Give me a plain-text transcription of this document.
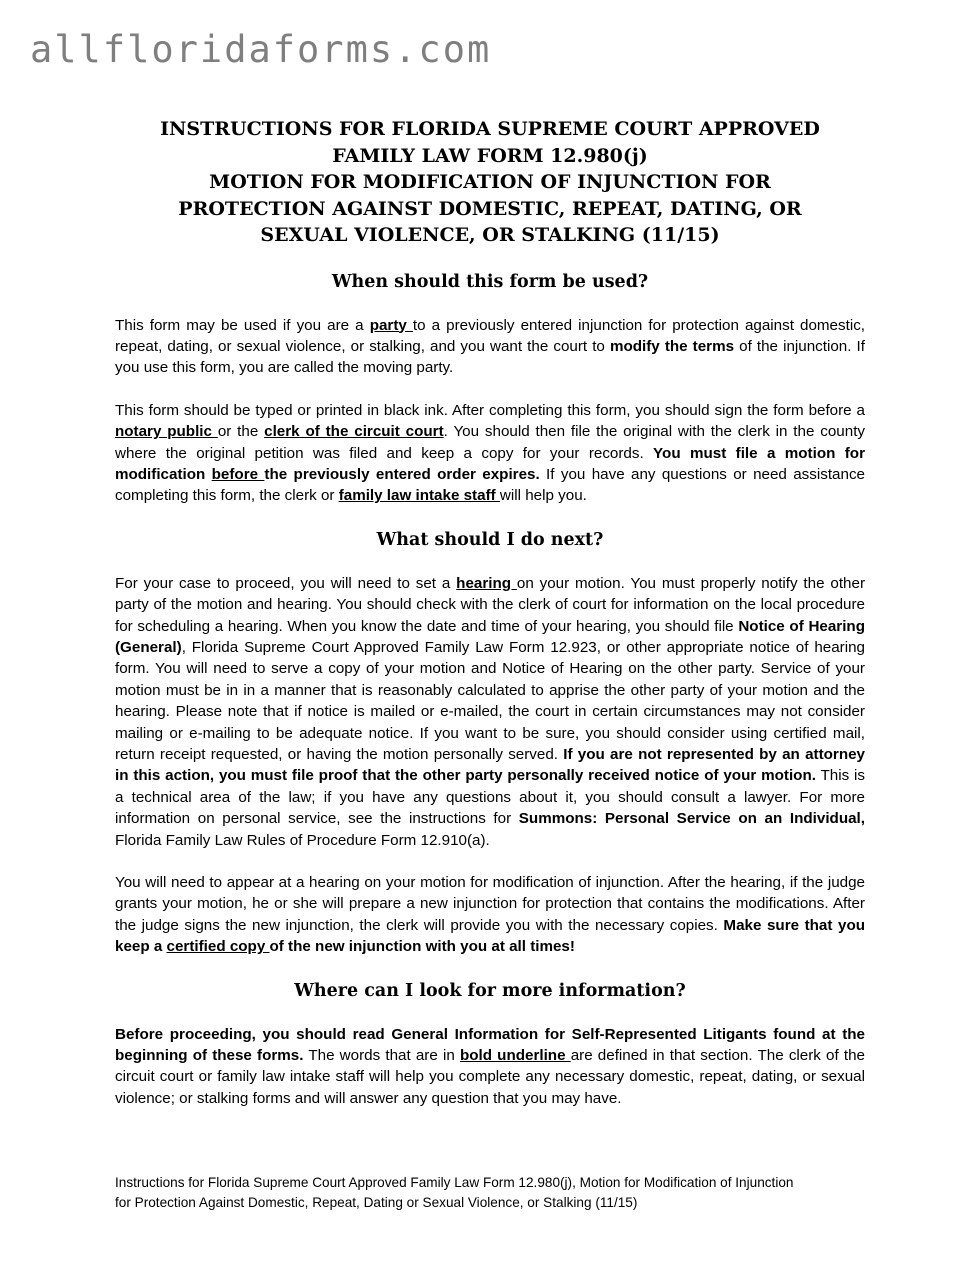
allfloridaforms.com
INSTRUCTIONS FOR FLORIDA SUPREME COURT APPROVED FAMILY LAW FORM 12.980(j)
MOTION FOR MODIFICATION OF INJUNCTION FOR PROTECTION AGAINST DOMESTIC, REPEAT, DATING, OR SEXUAL VIOLENCE, OR STALKING (11/15)
When should this form be used?

This form may be used if you are a party to a previously entered injunction for protection against domestic, repeat, dating, or sexual violence, or stalking, and you want the court to modify the terms of the injunction. If you use this form, you are called the moving party.

This form should be typed or printed in black ink. After completing this form, you should sign the form before a notary public or the clerk of the circuit court. You should then file the original with the clerk in the county where the original petition was filed and keep a copy for your records. You must file a motion for modification before the previously entered order expires. If you have any questions or need assistance completing this form, the clerk or family law intake staff will help you.

What should I do next?

For your case to proceed, you will need to set a hearing on your motion. You must properly notify the other party of the motion and hearing. You should check with the clerk of court for information on the local procedure for scheduling a hearing. When you know the date and time of your hearing, you should file Notice of Hearing (General), Florida Supreme Court Approved Family Law Form 12.923, or other appropriate notice of hearing form. You will need to serve a copy of your motion and Notice of Hearing on the other party. Service of your motion must be in in a manner that is reasonably calculated to apprise the other party of your motion and the hearing. Please note that if notice is mailed or e-mailed, the court in certain circumstances may not consider mailing or e-mailing to be adequate notice. If you want to be sure, you should consider using certified mail, return receipt requested, or having the motion personally served. If you are not represented by an attorney in this action, you must file proof that the other party personally received notice of your motion. This is a technical area of the law; if you have any questions about it, you should consult a lawyer. For more information on personal service, see the instructions for Summons: Personal Service on an Individual, Florida Family Law Rules of Procedure Form 12.910(a).

You will need to appear at a hearing on your motion for modification of injunction. After the hearing, if the judge grants your motion, he or she will prepare a new injunction for protection that contains the modifications. After the judge signs the new injunction, the clerk will provide you with the necessary copies. Make sure that you keep a certified copy of the new injunction with you at all times!

Where can I look for more information?

Before proceeding, you should read General Information for Self-Represented Litigants found at the beginning of these forms. The words that are in bold underline are defined in that section. The clerk of the circuit court or family law intake staff will help you complete any necessary domestic, repeat, dating, or sexual violence; or stalking forms and will answer any question that you may have.

Instructions for Florida Supreme Court Approved Family Law Form 12.980(j), Motion for Modification of Injunction
for Protection Against Domestic, Repeat, Dating or Sexual Violence, or Stalking (11/15)
